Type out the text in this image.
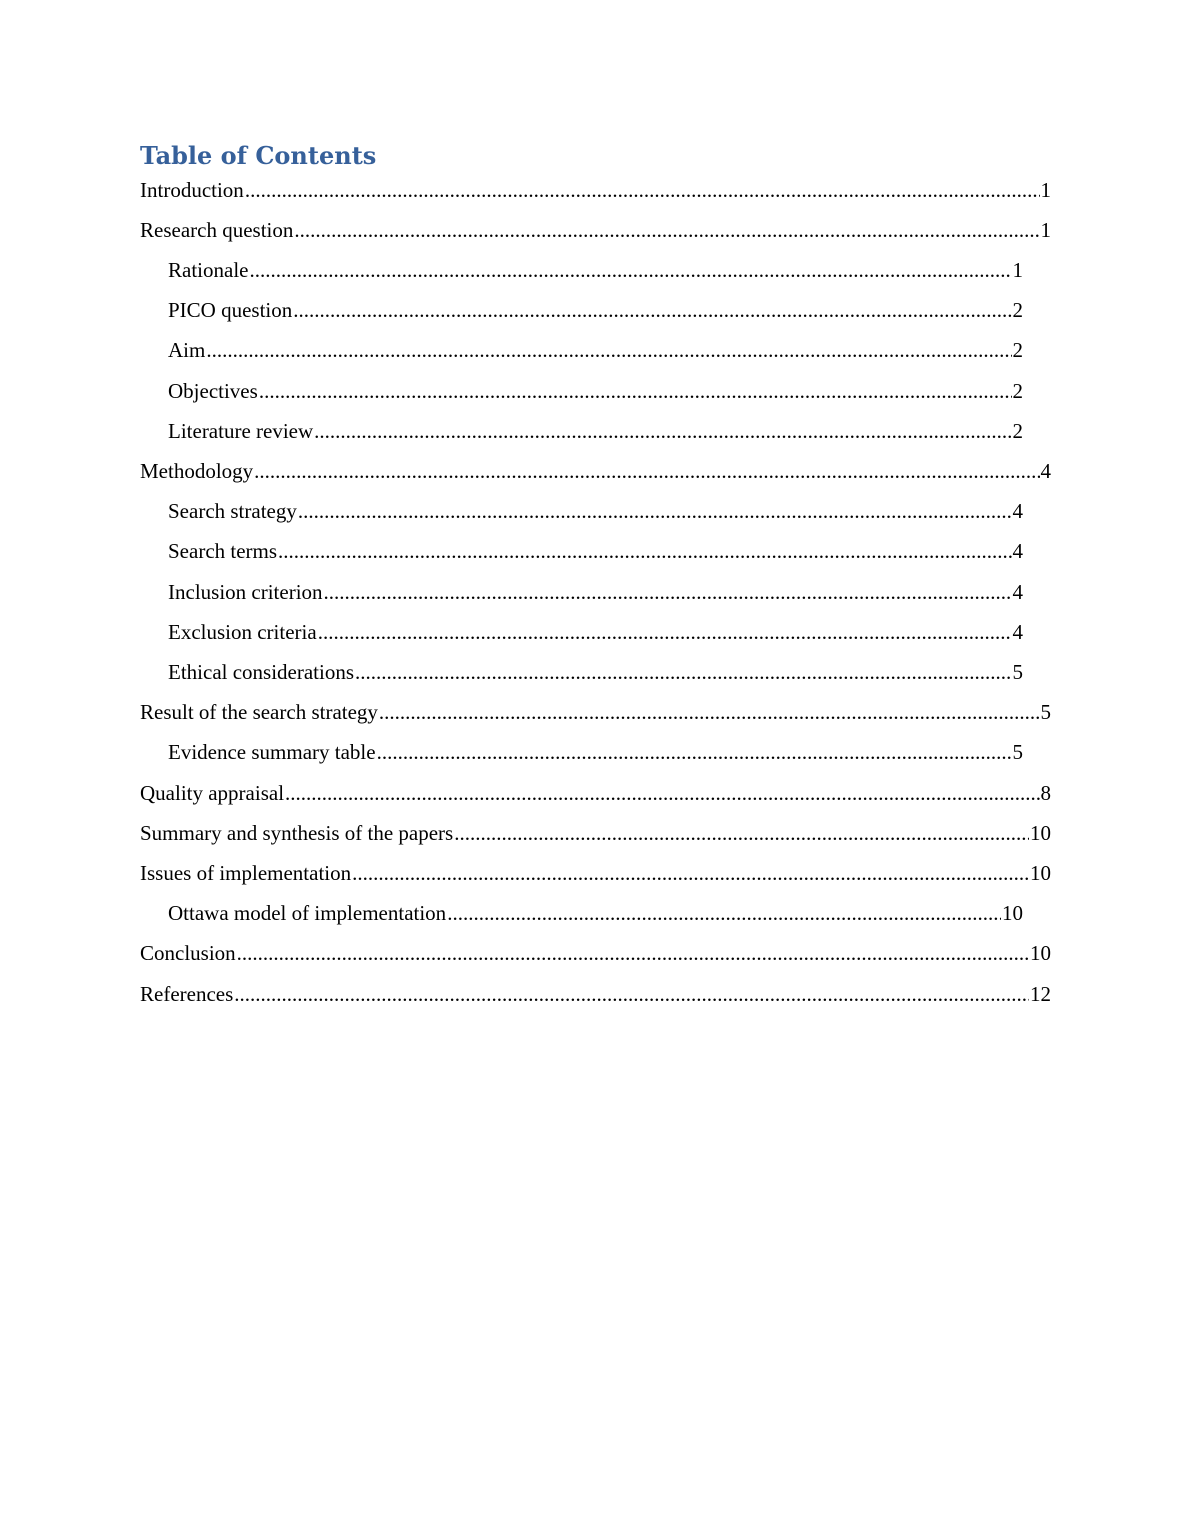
Table of Contents
Introduction .....	1
Research question .....	1
Rationale .....	1
PICO question .....	2
Aim .....	2
Objectives .....	2
Literature review .....	2
Methodology .....	4
Search strategy .....	4
Search terms .....	4
Inclusion criterion .....	4
Exclusion criteria .....	4
Ethical considerations .....	5
Result of the search strategy .....	5
Evidence summary table .....	5
Quality appraisal .....	8
Summary and synthesis of the papers .....	10
Issues of implementation .....	10
Ottawa model of implementation .....	10
Conclusion .....	10
References .....	12
